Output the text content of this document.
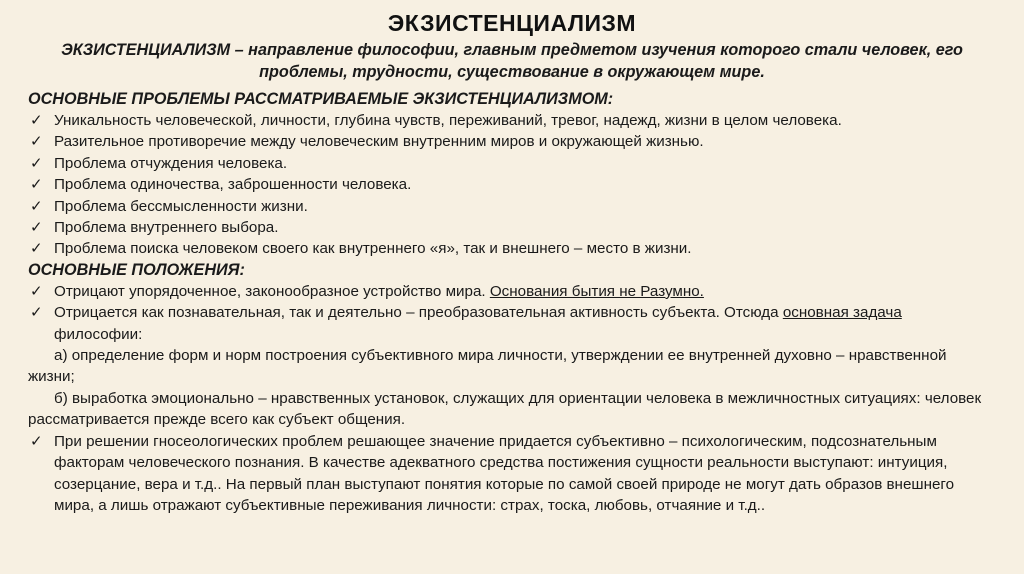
ЭКЗИСТЕНЦИАЛИЗМ
ЭКЗИСТЕНЦИАЛИЗМ – направление философии, главным предметом изучения которого стали человек, его проблемы, трудности, существование в окружающем мире.
ОСНОВНЫЕ ПРОБЛЕМЫ РАССМАТРИВАЕМЫЕ ЭКЗИСТЕНЦИАЛИЗМОМ:
✓ Уникальность человеческой, личности, глубина чувств, переживаний, тревог, надежд, жизни в целом человека.
✓ Разительное противоречие между человеческим внутренним миров и окружающей жизнью.
✓ Проблема отчуждения человека.
✓ Проблема одиночества, заброшенности человека.
✓ Проблема бессмысленности жизни.
✓ Проблема внутреннего выбора.
✓ Проблема поиска человеком своего как внутреннего «я», так и внешнего – место в жизни.
ОСНОВНЫЕ ПОЛОЖЕНИЯ:
✓ Отрицают упорядоченное, законообразное устройство мира. Основания бытия не Разумно.
✓ Отрицается как познавательная, так и деятельно – преобразовательная активность субъекта. Отсюда основная задача
философии:
а) определение форм и норм построения субъективного мира личности, утверждении ее внутренней духовно – нравственной жизни;
б) выработка эмоционально – нравственных установок, служащих для ориентации человека в межличностных ситуациях: человек рассматривается прежде всего как субъект общения.
✓ При решении гносеологических проблем решающее значение придается субъективно – психологическим, подсознательным факторам человеческого познания. В качестве адекватного средства постижения сущности реальности выступают: интуиция, созерцание, вера и т.д.. На первый план выступают понятия которые по самой своей природе не могут дать образов внешнего мира, а лишь отражают субъективные переживания личности: страх, тоска, любовь, отчаяние и т.д..
